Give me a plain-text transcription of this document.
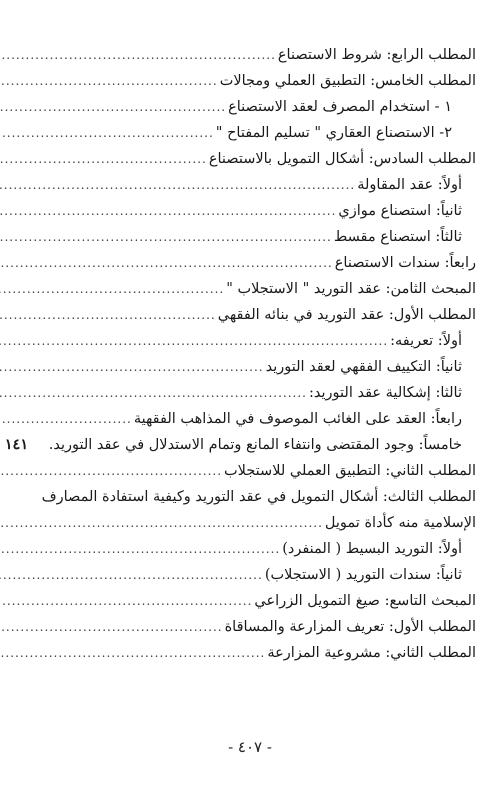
المطلب الرابع: شروط الاستصناع
.....
المطلب الخامس: التطبيق العملي ومجالات
.....
١ - استخدام المصرف لعقد الاستصناع
.....
٢- الاستصناع العقاري " تسليم المفتاح "
.....
المطلب السادس: أشكال التمويل بالاستصناع
.....
أولاً: عقد المقاولة
.....
ثانياً: استصناع موازي
.....
ثالثاً: استصناع مقسط
.....
رابعاً: سندات الاستصناع
.....
المبحث الثامن: عقد التوريد " الاستجلاب "
.....
المطلب الأول: عقد التوريد في بنائه الفقهي
.....
أولاً: تعريفه:
.....
ثانياً: التكييف الفقهي لعقد التوريد
.....
ثالثا: إشكالية عقد التوريد:
.....
رابعاً: العقد على الغائب الموصوف في المذاهب الفقهية
.....
خامساً: وجود المقتضى وانتفاء المانع وتمام الاستدلال في عقد التوريد.
١٤١
المطلب الثاني: التطبيق العملي للاستجلاب
.....
المطلب الثالث: أشكال التمويل في عقد التوريد وكيفية استفادة المصارف
الإسلامية منه كأداة تمويل
.....
أولاً: التوريد البسيط ( المنفرد)
.....
ثانياً: سندات التوريد ( الاستجلاب)
.....
المبحث التاسع: صيغ التمويل الزراعي
.....
المطلب الأول: تعريف المزارعة والمساقاة
.....
المطلب الثاني: مشروعية المزارعة
.....
- ٤٠٧ -
